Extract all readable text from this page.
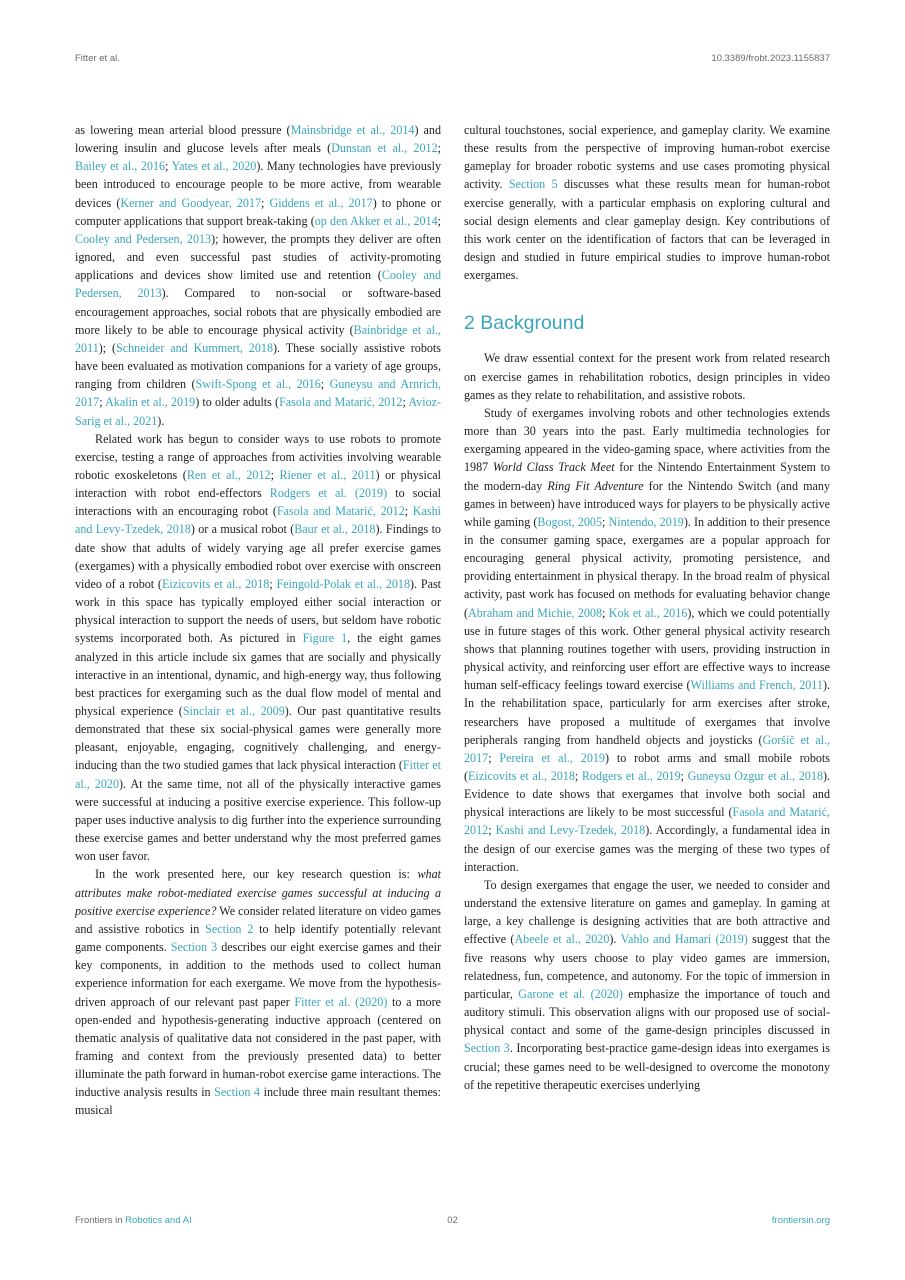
Fitter et al.	10.3389/frobt.2023.1155837

as lowering mean arterial blood pressure (Mainsbridge et al., 2014) and lowering insulin and glucose levels after meals (Dunstan et al., 2012; Bailey et al., 2016; Yates et al., 2020). Many technologies have previously been introduced to encourage people to be more active, from wearable devices (Kerner and Goodyear, 2017; Giddens et al., 2017) to phone or computer applications that support break-taking (op den Akker et al., 2014; Cooley and Pedersen, 2013); however, the prompts they deliver are often ignored, and even successful past studies of activity-promoting applications and devices show limited use and retention (Cooley and Pedersen, 2013). Compared to non-social or software-based encouragement approaches, social robots that are physically embodied are more likely to be able to encourage physical activity (Bainbridge et al., 2011); (Schneider and Kummert, 2018). These socially assistive robots have been evaluated as motivation companions for a variety of age groups, ranging from children (Swift-Spong et al., 2016; Guneysu and Arnrich, 2017; Akalin et al., 2019) to older adults (Fasola and Matarić, 2012; Avioz-Sarig et al., 2021).

Related work has begun to consider ways to use robots to promote exercise, testing a range of approaches from activities involving wearable robotic exoskeletons (Ren et al., 2012; Riener et al., 2011) or physical interaction with robot end-effectors Rodgers et al. (2019) to social interactions with an encouraging robot (Fasola and Matarić, 2012; Kashi and Levy-Tzedek, 2018) or a musical robot (Baur et al., 2018). Findings to date show that adults of widely varying age all prefer exercise games (exergames) with a physically embodied robot over exercise with onscreen video of a robot (Eizicovits et al., 2018; Feingold-Polak et al., 2018). Past work in this space has typically employed either social interaction or physical interaction to support the needs of users, but seldom have robotic systems incorporated both. As pictured in Figure 1, the eight games analyzed in this article include six games that are socially and physically interactive in an intentional, dynamic, and high-energy way, thus following best practices for exergaming such as the dual flow model of mental and physical experience (Sinclair et al., 2009). Our past quantitative results demonstrated that these six social-physical games were generally more pleasant, enjoyable, engaging, cognitively challenging, and energy-inducing than the two studied games that lack physical interaction (Fitter et al., 2020). At the same time, not all of the physically interactive games were successful at inducing a positive exercise experience. This follow-up paper uses inductive analysis to dig further into the experience surrounding these exercise games and better understand why the most preferred games won user favor.

In the work presented here, our key research question is: what attributes make robot-mediated exercise games successful at inducing a positive exercise experience? We consider related literature on video games and assistive robotics in Section 2 to help identify potentially relevant game components. Section 3 describes our eight exercise games and their key components, in addition to the methods used to collect human experience information for each exergame. We move from the hypothesis-driven approach of our relevant past paper Fitter et al. (2020) to a more open-ended and hypothesis-generating inductive approach (centered on thematic analysis of qualitative data not considered in the past paper, with framing and context from the previously presented data) to better illuminate the path forward in human-robot exercise game interactions. The inductive analysis results in Section 4 include three main resultant themes: musical

cultural touchstones, social experience, and gameplay clarity. We examine these results from the perspective of improving human-robot exercise gameplay for broader robotic systems and use cases promoting physical activity. Section 5 discusses what these results mean for human-robot exercise generally, with a particular emphasis on exploring cultural and social design elements and clear gameplay design. Key contributions of this work center on the identification of factors that can be leveraged in design and studied in future empirical studies to improve human-robot exergames.

2 Background

We draw essential context for the present work from related research on exercise games in rehabilitation robotics, design principles in video games as they relate to rehabilitation, and assistive robots.

Study of exergames involving robots and other technologies extends more than 30 years into the past. Early multimedia technologies for exergaming appeared in the video-gaming space, where activities from the 1987 World Class Track Meet for the Nintendo Entertainment System to the modern-day Ring Fit Adventure for the Nintendo Switch (and many games in between) have introduced ways for players to be physically active while gaming (Bogost, 2005; Nintendo, 2019). In addition to their presence in the consumer gaming space, exergames are a popular approach for encouraging general physical activity, promoting persistence, and providing entertainment in physical therapy. In the broad realm of physical activity, past work has focused on methods for evaluating behavior change (Abraham and Michie, 2008; Kok et al., 2016), which we could potentially use in future stages of this work. Other general physical activity research shows that planning routines together with users, providing instruction in physical activity, and reinforcing user effort are effective ways to increase human self-efficacy feelings toward exercise (Williams and French, 2011). In the rehabilitation space, particularly for arm exercises after stroke, researchers have proposed a multitude of exergames that involve peripherals ranging from handheld objects and joysticks (Goršič et al., 2017; Pereira et al., 2019) to robot arms and small mobile robots (Eizicovits et al., 2018; Rodgers et al., 2019; Guneysu Ozgur et al., 2018). Evidence to date shows that exergames that involve both social and physical interactions are likely to be most successful (Fasola and Matarić, 2012; Kashi and Levy-Tzedek, 2018). Accordingly, a fundamental idea in the design of our exercise games was the merging of these two types of interaction.

To design exergames that engage the user, we needed to consider and understand the extensive literature on games and gameplay. In gaming at large, a key challenge is designing activities that are both attractive and effective (Abeele et al., 2020). Vahlo and Hamari (2019) suggest that the five reasons why users choose to play video games are immersion, relatedness, fun, competence, and autonomy. For the topic of immersion in particular, Garone et al. (2020) emphasize the importance of touch and auditory stimuli. This observation aligns with our proposed use of social-physical contact and some of the game-design principles discussed in Section 3. Incorporating best-practice game-design ideas into exergames is crucial; these games need to be well-designed to overcome the monotony of the repetitive therapeutic exercises underlying

Frontiers in Robotics and AI	02	frontiersin.org
